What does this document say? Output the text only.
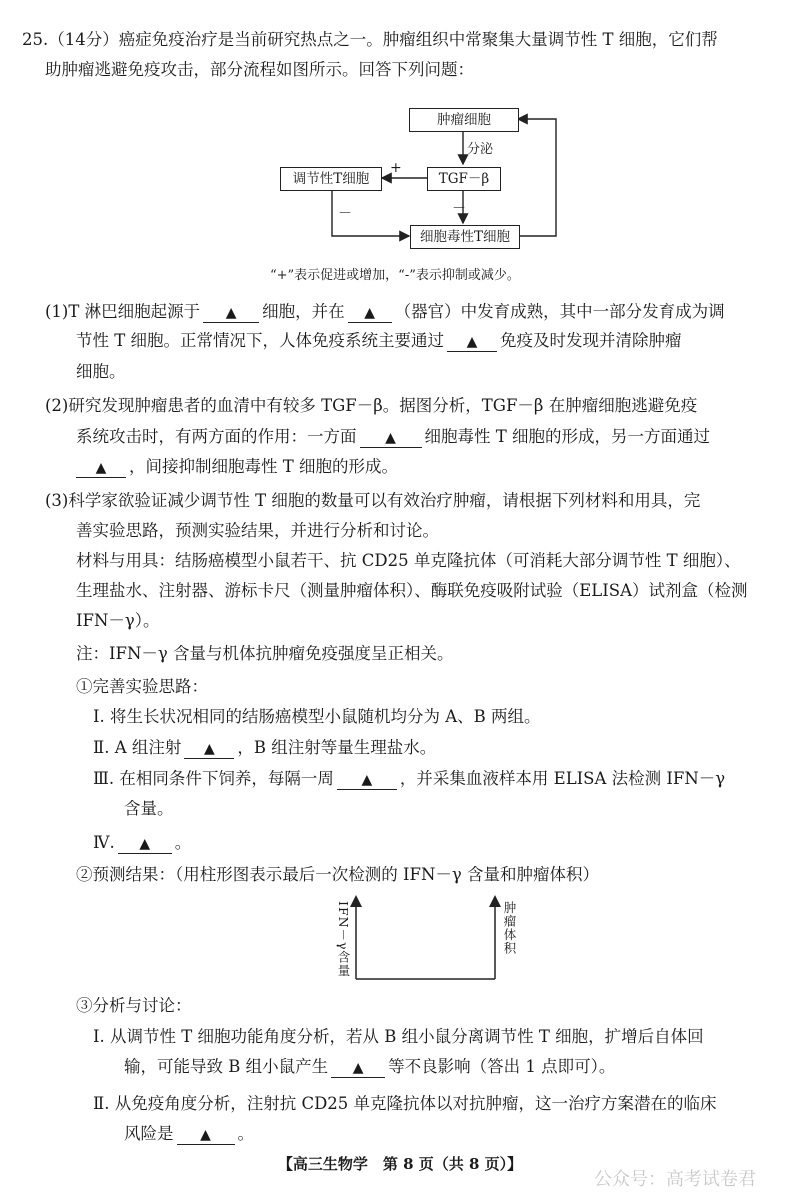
25.（14分）癌症免疫治疗是当前研究热点之一。肿瘤组织中常聚集大量调节性 T 细胞，它们帮
助肿瘤逃避免疫攻击，部分流程如图所示。回答下列问题：
肿瘤细胞
分泌
TGF－β
调节性T细胞
+
－
－
细胞毒性T细胞
“+”表示促进或增加，“-”表示抑制或减少。
(1)T 淋巴细胞起源于 ▲ 细胞，并在 ▲ （器官）中发育成熟，其中一部分发育成为调
节性 T 细胞。正常情况下，人体免疫系统主要通过 ▲ 免疫及时发现并清除肿瘤
细胞。
(2)研究发现肿瘤患者的血清中有较多 TGF－β。据图分析，TGF－β 在肿瘤细胞逃避免疫
系统攻击时，有两方面的作用：一方面 ▲ 细胞毒性 T 细胞的形成，另一方面通过
▲ ，间接抑制细胞毒性 T 细胞的形成。
(3)科学家欲验证减少调节性 T 细胞的数量可以有效治疗肿瘤，请根据下列材料和用具，完
善实验思路，预测实验结果，并进行分析和讨论。
材料与用具：结肠癌模型小鼠若干、抗 CD25 单克隆抗体（可消耗大部分调节性 T 细胞）、
生理盐水、注射器、游标卡尺（测量肿瘤体积）、酶联免疫吸附试验（ELISA）试剂盒（检测
IFN－γ）。
注：IFN－γ 含量与机体抗肿瘤免疫强度呈正相关。
①完善实验思路：
Ⅰ. 将生长状况相同的结肠癌模型小鼠随机均分为 A、B 两组。
Ⅱ. A 组注射 ▲ ，B 组注射等量生理盐水。
Ⅲ. 在相同条件下饲养，每隔一周 ▲ ，并采集血液样本用 ELISA 法检测 IFN－γ
含量。
Ⅳ. ▲ 。
②预测结果：（用柱形图表示最后一次检测的 IFN－γ 含量和肿瘤体积）
IFN－γ含量	肿瘤体积
③分析与讨论：
Ⅰ. 从调节性 T 细胞功能角度分析，若从 B 组小鼠分离调节性 T 细胞，扩增后自体回
输，可能导致 B 组小鼠产生 ▲ 等不良影响（答出 1 点即可）。
Ⅱ. 从免疫角度分析，注射抗 CD25 单克隆抗体以对抗肿瘤，这一治疗方案潜在的临床
风险是 ▲ 。
【高三生物学　第 8 页（共 8 页）】
公众号：高考试卷君
